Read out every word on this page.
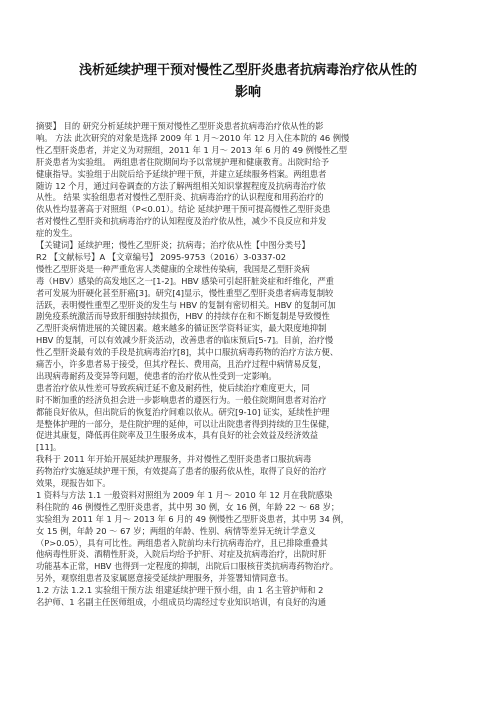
浅析延续护理干预对慢性乙型肝炎患者抗病毒治疗依从性的
影响
摘要】 目的 研究分析延续护理干预对慢性乙型肝炎患者抗病毒治疗依从性的影
响。 方法 此次研究的对象是选择 2009 年 1 月～2010 年 12 月入住本院的 46 例慢
性乙型肝炎患者，并定义为对照组，2011 年 1 月～ 2013 年 6 月的 49 例慢性乙型
肝炎患者为实验组。 两组患者住院期间均予以常规护理和健康教育。出院时给予
健康指导。实验组于出院后给予延续护理干预，并建立延续服务档案。两组患者
随访 12 个月，通过问卷调查的方法了解两组相关知识掌握程度及抗病毒治疗依
从性。 结果 实验组患者对慢性乙型肝炎、抗病毒治疗的认识程度和用药治疗的
依从性均显著高于对照组（P<0.01）。结论 延续护理干预可提高慢性乙型肝炎患
者对慢性乙型肝炎和抗病毒治疗的认知程度及治疗依从性，减少不良反应和并发
症的发生。
【关键词】延续护理；慢性乙型肝炎；抗病毒；治疗依从性【中图分类号】
R2 【文献标号】A 【文章编号】 2095-9753（2016）3-0337-02
慢性乙型肝炎是一种严重危害人类健康的全球性传染病，我国是乙型肝炎病
毒（HBV）感染的高发地区之一[1-2]。HBV 感染可引起肝脏炎症和纤维化，严重
者可发展为肝硬化甚至肝癌[3]。研究[4]显示，慢性重型乙型肝炎患者病毒复制较
活跃，表明慢性重型乙型肝炎的发生与 HBV 的复制有密切相关。HBV 的复制可加
剧免疫系统激活而导致肝细胞持续损伤，HBV 的持续存在和不断复制是导致慢性
乙型肝炎病情进展的关键因素。越来越多的循证医学资料证实，最大限度地抑制
HBV 的复制，可以有效减少肝炎活动，改善患者的临床预后[5-7]。目前，治疗慢
性乙型肝炎最有效的手段是抗病毒治疗[8]，其中口服抗病毒药物的治疗方法方便、
痛苦小，许多患者易于接受，但其疗程长、费用高，且治疗过程中病情易反复，
出现病毒耐药及变异等问题，使患者的治疗依从性受到一定影响。
患者治疗依从性差可导致疾病迁延不愈及耐药性，使后续治疗难度更大，同
时不断加重的经济负担会进一步影响患者的遵医行为。一般住院期间患者对治疗
都能良好依从，但出院后的恢复治疗间难以依从。研究[9-10] 证实，延续性护理
是整体护理的一部分，是住院护理的延伸，可以让出院患者得到持续的卫生保健，
促进其康复，降低再住院率及卫生服务成本，具有良好的社会效益及经济效益
[11]。
我科于 2011 年开始开展延续护理服务，并对慢性乙型肝炎患者口服抗病毒
药物治疗实施延续护理干预，有效提高了患者的服药依从性，取得了良好的治疗
效果，现报告如下。
1 资料与方法 1.1 一般资料对照组为 2009 年 1 月～ 2010 年 12 月在我院感染
科住院的 46 例慢性乙型肝炎患者，其中男 30 例，女 16 例，年龄 22 ～ 68 岁；
实验组为 2011 年 1 月～ 2013 年 6 月的 49 例慢性乙型肝炎患者，其中男 34 例，
女 15 例，年龄 20 ～ 67 岁；两组的年龄、性别、病情等差异无统计学意义
（P>0.05），具有可比性。两组患者入院前均未行抗病毒治疗，且已排除重叠其
他病毒性肝炎、酒精性肝炎，入院后均给予护肝、对症及抗病毒治疗，出院时肝
功能基本正常，HBV 也得到一定程度的抑制，出院后口服核苷类抗病毒药物治疗。
另外，观察组患者及家属愿意接受延续护理服务，并签署知情同意书。
1.2 方法 1.2.1 实验组干预方法 组建延续护理干预小组，由 1 名主管护师和 2
名护师、1 名副主任医师组成，小组成员均需经过专业知识培训，有良好的沟通
